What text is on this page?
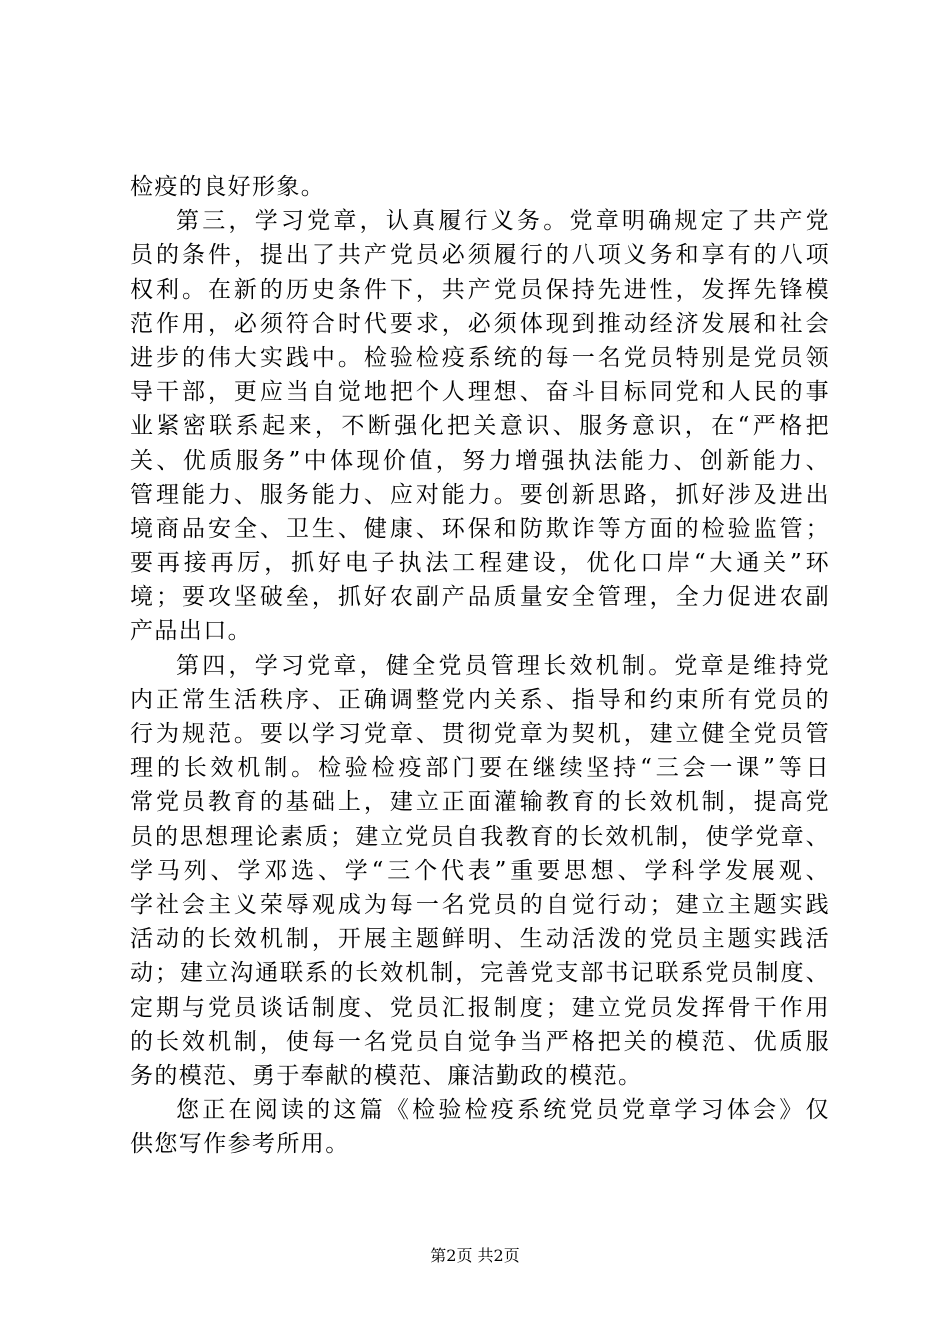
检疫的良好形象。
第三，学习党章，认真履行义务。党章明确规定了共产党
员的条件，提出了共产党员必须履行的八项义务和享有的八项
权利。在新的历史条件下，共产党员保持先进性，发挥先锋模
范作用，必须符合时代要求，必须体现到推动经济发展和社会
进步的伟大实践中。检验检疫系统的每一名党员特别是党员领
导干部，更应当自觉地把个人理想、奋斗目标同党和人民的事
业紧密联系起来，不断强化把关意识、服务意识，在“严格把
关、优质服务”中体现价值，努力增强执法能力、创新能力、
管理能力、服务能力、应对能力。要创新思路，抓好涉及进出
境商品安全、卫生、健康、环保和防欺诈等方面的检验监管；
要再接再厉，抓好电子执法工程建设，优化口岸“大通关”环
境；要攻坚破垒，抓好农副产品质量安全管理，全力促进农副
产品出口。
第四，学习党章，健全党员管理长效机制。党章是维持党
内正常生活秩序、正确调整党内关系、指导和约束所有党员的
行为规范。要以学习党章、贯彻党章为契机，建立健全党员管
理的长效机制。检验检疫部门要在继续坚持“三会一课”等日
常党员教育的基础上，建立正面灌输教育的长效机制，提高党
员的思想理论素质；建立党员自我教育的长效机制，使学党章、
学马列、学邓选、学“三个代表”重要思想、学科学发展观、
学社会主义荣辱观成为每一名党员的自觉行动；建立主题实践
活动的长效机制，开展主题鲜明、生动活泼的党员主题实践活
动；建立沟通联系的长效机制，完善党支部书记联系党员制度、
定期与党员谈话制度、党员汇报制度；建立党员发挥骨干作用
的长效机制，使每一名党员自觉争当严格把关的模范、优质服
务的模范、勇于奉献的模范、廉洁勤政的模范。
您正在阅读的这篇《检验检疫系统党员党章学习体会》仅
供您写作参考所用。
第2页 共2页
